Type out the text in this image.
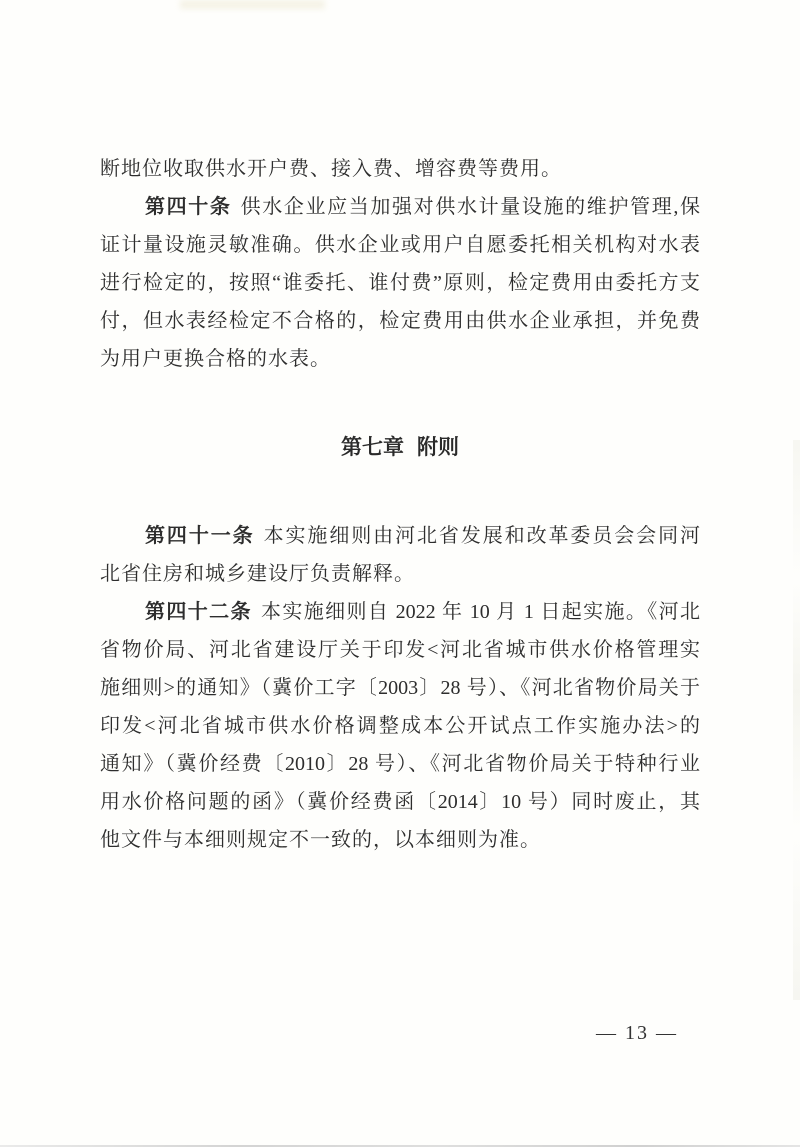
断地位收取供水开户费、接入费、增容费等费用。
第四十条 供水企业应当加强对供水计量设施的维护管理,保
证计量设施灵敏准确。供水企业或用户自愿委托相关机构对水表
进行检定的，按照“谁委托、谁付费”原则，检定费用由委托方支
付，但水表经检定不合格的，检定费用由供水企业承担，并免费
为用户更换合格的水表。
第七章 附则
第四十一条 本实施细则由河北省发展和改革委员会会同河
北省住房和城乡建设厅负责解释。
第四十二条 本实施细则自 2022 年 10 月 1 日起实施。《河北
省物价局、河北省建设厅关于印发<河北省城市供水价格管理实
施细则>的通知》（冀价工字〔2003〕28 号）、《河北省物价局关于
印发<河北省城市供水价格调整成本公开试点工作实施办法>的
通知》（冀价经费〔2010〕28 号）、《河北省物价局关于特种行业
用水价格问题的函》（冀价经费函〔2014〕10 号）同时废止，其
他文件与本细则规定不一致的，以本细则为准。
— 13 —
